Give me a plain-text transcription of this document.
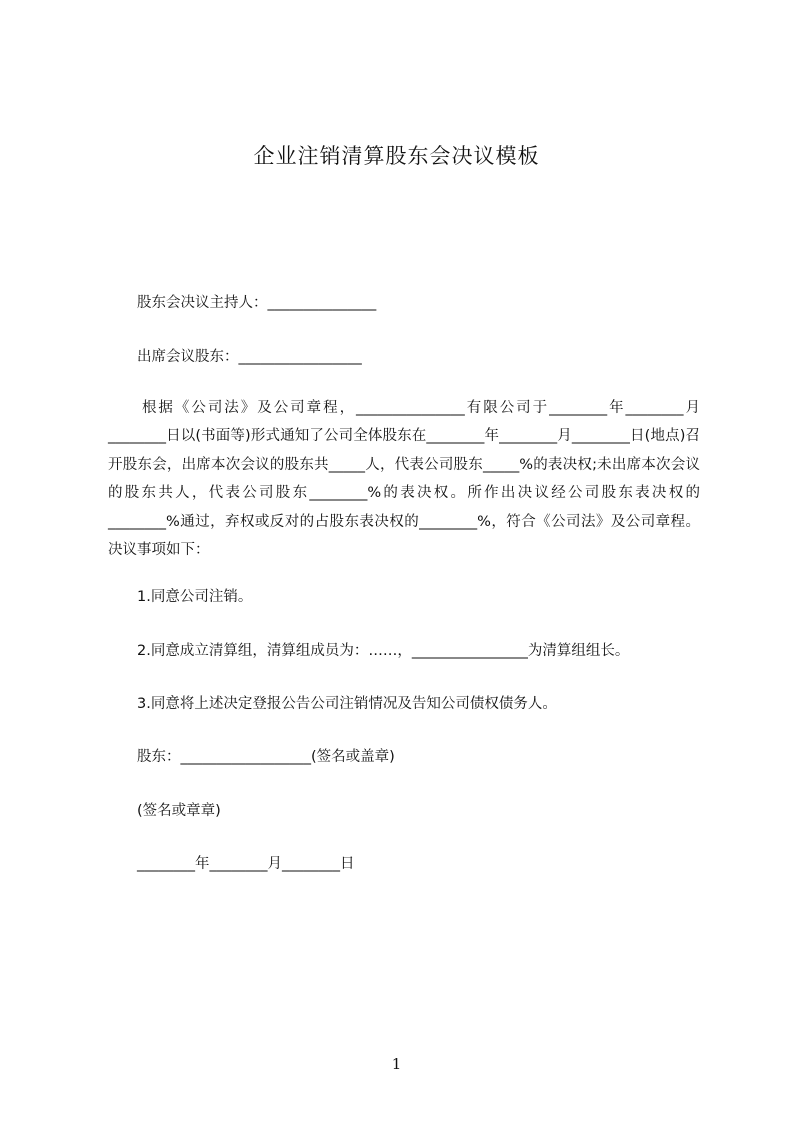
企业注销清算股东会决议模板
股东会决议主持人：_______________
出席会议股东：_________________
根据《公司法》及公司章程，_______________有限公司于________年________月________日以(书面等)形式通知了公司全体股东在________年________月________日(地点)召开股东会，出席本次会议的股东共_____人，代表公司股东_____%的表决权;未出席本次会议的股东共人，代表公司股东________%的表决权。所作出决议经公司股东表决权的________%通过，弃权或反对的占股东表决权的________%，符合《公司法》及公司章程。决议事项如下：
1.同意公司注销。
2.同意成立清算组，清算组成员为：……，________________为清算组组长。
3.同意将上述决定登报公告公司注销情况及告知公司债权债务人。
股东：__________________(签名或盖章)
(签名或章章)
________年________月________日
1
